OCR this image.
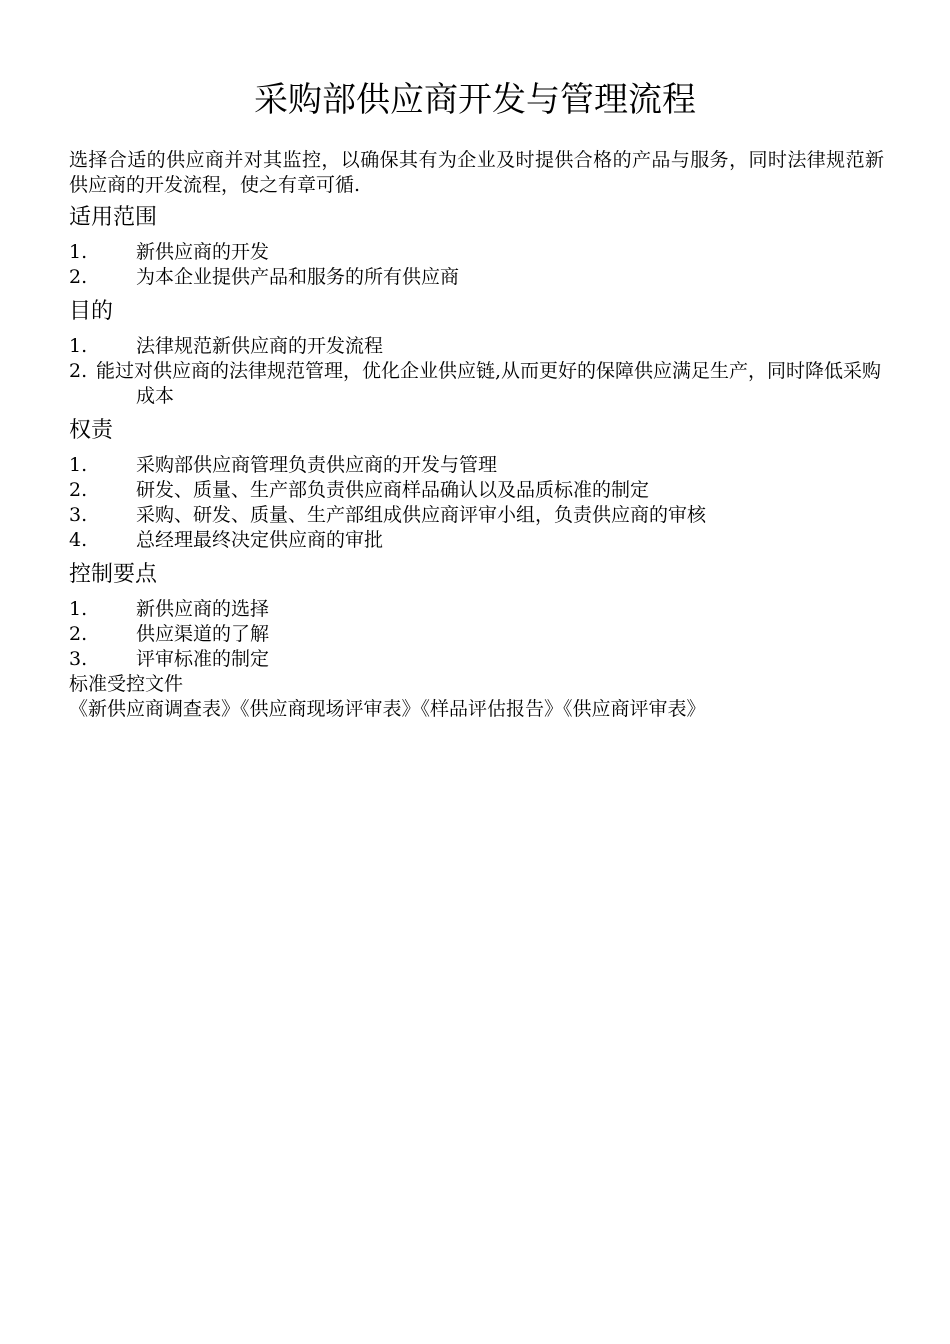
采购部供应商开发与管理流程

选择合适的供应商并对其监控，以确保其有为企业及时提供合格的产品与服务，同时法律规范新供应商的开发流程，使之有章可循.

适用范围
1.	新供应商的开发
2.	为本企业提供产品和服务的所有供应商
目的
1.	法律规范新供应商的开发流程
2. 能过对供应商的法律规范管理，优化企业供应链,从而更好的保障供应满足生产，同时降低采购成本
权责
1.	采购部供应商管理负责供应商的开发与管理
2.	研发、质量、生产部负责供应商样品确认以及品质标准的制定
3.	采购、研发、质量、生产部组成供应商评审小组，负责供应商的审核
4.	总经理最终决定供应商的审批
控制要点
1.	新供应商的选择
2.	供应渠道的了解
3.	评审标准的制定

标准受控文件

《新供应商调查表》《供应商现场评审表》《样品评估报告》《供应商评审表》
